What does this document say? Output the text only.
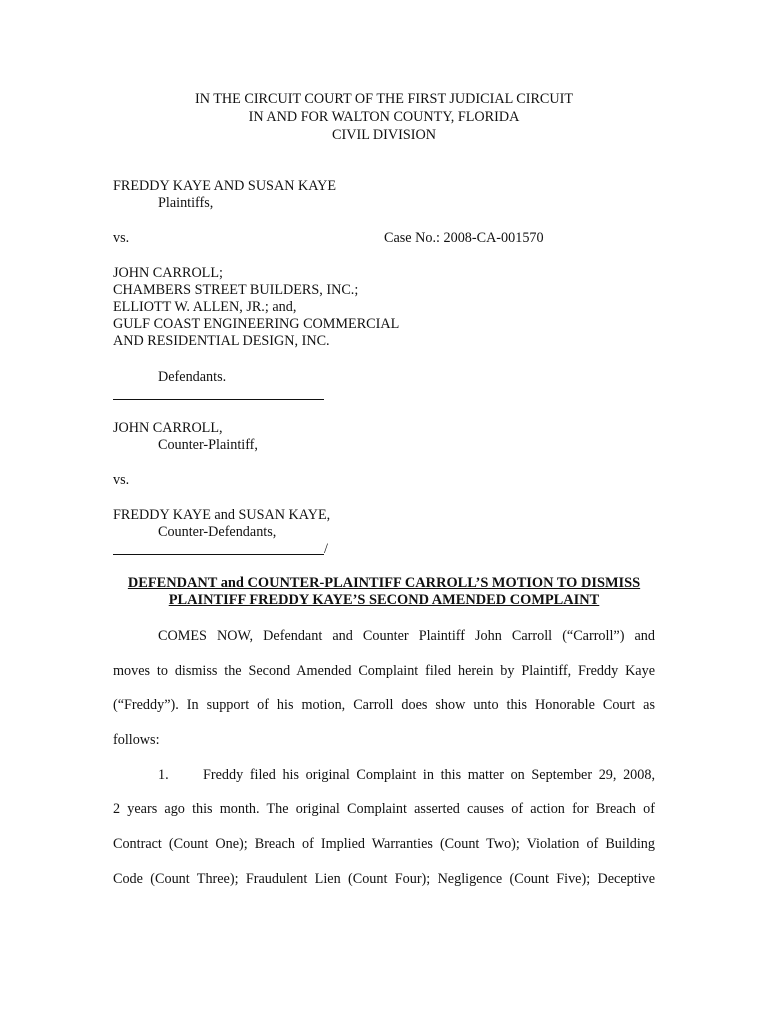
IN THE CIRCUIT COURT OF THE FIRST JUDICIAL CIRCUIT
IN AND FOR WALTON COUNTY, FLORIDA
CIVIL DIVISION
FREDDY KAYE AND SUSAN KAYE
Plaintiffs,
vs.	Case No.: 2008-CA-001570
JOHN CARROLL;
CHAMBERS STREET BUILDERS, INC.;
ELLIOTT W. ALLEN, JR.; and,
GULF COAST ENGINEERING COMMERCIAL
AND RESIDENTIAL DESIGN, INC.
Defendants.
JOHN CARROLL,
Counter-Plaintiff,
vs.
FREDDY KAYE and SUSAN KAYE,
Counter-Defendants,
/
DEFENDANT and COUNTER-PLAINTIFF CARROLL’S MOTION TO DISMISS
PLAINTIFF FREDDY KAYE’S SECOND AMENDED COMPLAINT
COMES NOW, Defendant and Counter Plaintiff John Carroll (“Carroll”) and
moves to dismiss the Second Amended Complaint filed herein by Plaintiff, Freddy Kaye
(“Freddy”). In support of his motion, Carroll does show unto this Honorable Court as
follows:
1. Freddy filed his original Complaint in this matter on September 29, 2008,
2 years ago this month. The original Complaint asserted causes of action for Breach of
Contract (Count One); Breach of Implied Warranties (Count Two); Violation of Building
Code (Count Three); Fraudulent Lien (Count Four); Negligence (Count Five); Deceptive
